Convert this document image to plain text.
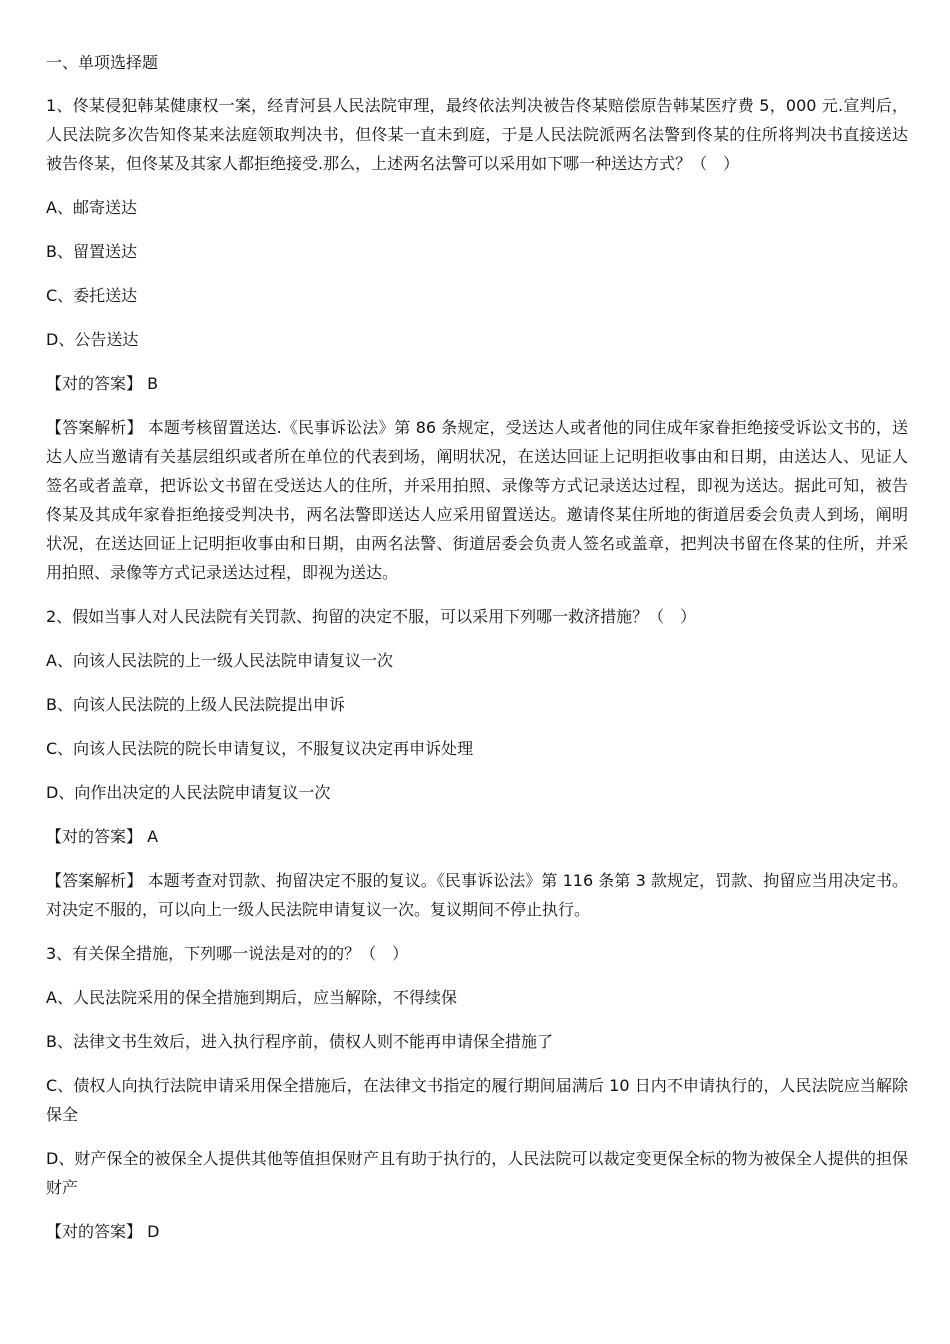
一、单项选择题

1、佟某侵犯韩某健康权一案，经青河县人民法院审理，最终依法判决被告佟某赔偿原告韩某医疗费 5，000 元.宣判后，人民法院多次告知佟某来法庭领取判决书，但佟某一直未到庭，于是人民法院派两名法警到佟某的住所将判决书直接送达被告佟某，但佟某及其家人都拒绝接受.那么，上述两名法警可以采用如下哪一种送达方式？（　）

A、邮寄送达

B、留置送达

C、委托送达

D、公告送达

【对的答案】 B

【答案解析】 本题考核留置送达.《民事诉讼法》第 86 条规定，受送达人或者他的同住成年家眷拒绝接受诉讼文书的，送达人应当邀请有关基层组织或者所在单位的代表到场，阐明状况，在送达回证上记明拒收事由和日期，由送达人、见证人签名或者盖章，把诉讼文书留在受送达人的住所，并采用拍照、录像等方式记录送达过程，即视为送达。据此可知，被告佟某及其成年家眷拒绝接受判决书，两名法警即送达人应采用留置送达。邀请佟某住所地的街道居委会负责人到场，阐明状况，在送达回证上记明拒收事由和日期，由两名法警、街道居委会负责人签名或盖章，把判决书留在佟某的住所，并采用拍照、录像等方式记录送达过程，即视为送达。

2、假如当事人对人民法院有关罚款、拘留的决定不服，可以采用下列哪一救济措施？（　）

A、向该人民法院的上一级人民法院申请复议一次

B、向该人民法院的上级人民法院提出申诉

C、向该人民法院的院长申请复议，不服复议决定再申诉处理

D、向作出决定的人民法院申请复议一次

【对的答案】 A

【答案解析】 本题考查对罚款、拘留决定不服的复议。《民事诉讼法》第 116 条第 3 款规定，罚款、拘留应当用决定书。对决定不服的，可以向上一级人民法院申请复议一次。复议期间不停止执行。

3、有关保全措施，下列哪一说法是对的的？（　）

A、人民法院采用的保全措施到期后，应当解除，不得续保

B、法律文书生效后，进入执行程序前，债权人则不能再申请保全措施了

C、债权人向执行法院申请采用保全措施后，在法律文书指定的履行期间届满后 10 日内不申请执行的，人民法院应当解除保全

D、财产保全的被保全人提供其他等值担保财产且有助于执行的，人民法院可以裁定变更保全标的物为被保全人提供的担保财产

【对的答案】 D
